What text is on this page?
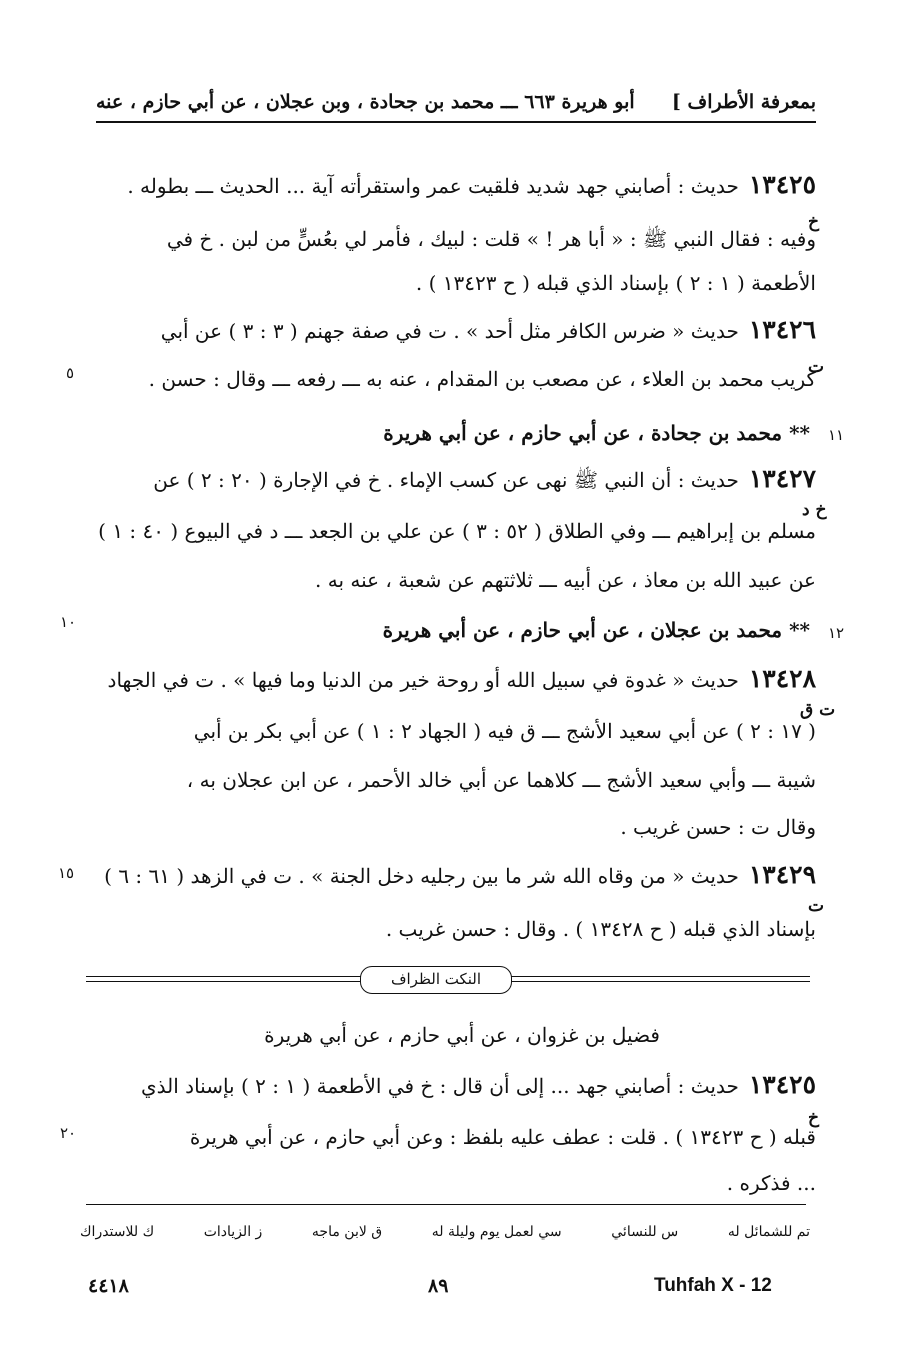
أبو هريرة ٦٦٣ ـــ محمد بن جحادة ، وبن عجلان ، عن أبي حازم ، عنه بمعرفة الأطراف ]
١٣٤٢٥حديث : أصابني جهد شديد فلقيت عمر واستقرأته آية ... الحديث ـــ بطوله .
وفيه : فقال النبي ﷺ : « أبا هر ! » قلت : لبيك ، فأمر لي بعُسٍّ من لبن . خ في
الأطعمة ( ١ : ٢ ) بإسناد الذي قبله ( ح ١٣٤٢٣ ) .
خ
١٣٤٢٦حديث « ضرس الكافر مثل أحد » . ت في صفة جهنم ( ٣ : ٣ ) عن أبي
كريب محمد بن العلاء ، عن مصعب بن المقدام ، عنه به ـــ رفعه ـــ وقال : حسن .
ت
٥
** محمد بن جحادة ، عن أبي حازم ، عن أبي هريرة ١١
١٣٤٢٧حديث : أن النبي ﷺ نهى عن كسب الإماء . خ في الإجارة ( ٢٠ : ٢ ) عن
مسلم بن إبراهيم ـــ وفي الطلاق ( ٥٢ : ٣ ) عن علي بن الجعد ـــ د في البيوع ( ٤٠ : ١ )
عن عبيد الله بن معاذ ، عن أبيه ـــ ثلاثتهم عن شعبة ، عنه به .
خ د
** محمد بن عجلان ، عن أبي حازم ، عن أبي هريرة ١٢
١٠
١٣٤٢٨حديث « غدوة في سبيل الله أو روحة خير من الدنيا وما فيها » . ت في الجهاد
( ١٧ : ٢ ) عن أبي سعيد الأشج ـــ ق فيه ( الجهاد ٢ : ١ ) عن أبي بكر بن أبي
شيبة ـــ وأبي سعيد الأشج ـــ كلاهما عن أبي خالد الأحمر ، عن ابن عجلان به ،
وقال ت : حسن غريب .
ت ق
١٣٤٢٩حديث « من وقاه الله شر ما بين رجليه دخل الجنة » . ت في الزهد ( ٦١ : ٦ )
بإسناد الذي قبله ( ح ١٣٤٢٨ ) . وقال : حسن غريب .
ت
١٥
النكت الظراف
فضيل بن غزوان ، عن أبي حازم ، عن أبي هريرة
١٣٤٢٥حديث : أصابني جهد ... إلى أن قال : خ في الأطعمة ( ١ : ٢ ) بإسناد الذي
قبله ( ح ١٣٤٢٣ ) . قلت : عطف عليه بلفظ : وعن أبي حازم ، عن أبي هريرة
... فذكره .
خ
٢٠
تم للشمائل له
س للنسائي
سي لعمل يوم وليلة له
ق لابن ماجه
ز الزيادات
ك للاستدراك
٤٤١٨	٨٩	Tuhfah X - 12
